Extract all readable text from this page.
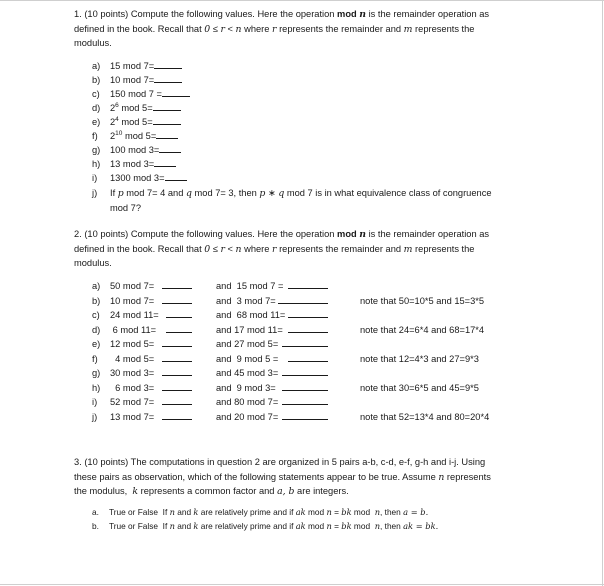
1. (10 points) Compute the following values. Here the operation mod n is the remainder operation as
defined in the book. Recall that 0 ≤ r < n where r represents the remainder and m represents the
modulus.
a)	15 mod 7=
b)	10 mod 7=
c)	150 mod 7 =
d)	$2^6$ mod 5=
e)	$2^4$ mod 5=
f)	$2^{10}$ mod 5=
g)	100 mod 3=
h)	13 mod 3=
i)	1300 mod 3=
j)	If p mod 7= 4 and q mod 7= 3, then p ∗ q mod 7 is in what equivalence class of congruence
mod 7?
2. (10 points) Compute the following values. Here the operation mod n is the remainder operation as
defined in the book. Recall that 0 ≤ r < n where r represents the remainder and m represents the
modulus.
a) 50 mod 7=	and  15 mod 7 =
b) 10 mod 7=	and  3 mod 7=	note that 50=10*5 and 15=3*5
c) 24 mod 11=	and  68 mod 11=
d) 6 mod 11=	and 17 mod 11=	note that 24=6*4 and 68=17*4
e) 12 mod 5=	and 27 mod 5=
f) 4 mod 5=	and  9 mod 5 =	note that 12=4*3 and 27=9*3
g) 30 mod 3=	and 45 mod 3=
h) 6 mod 3=	and  9 mod 3=	note that 30=6*5 and 45=9*5
i) 52 mod 7=	and 80 mod 7=
j) 13 mod 7=	and 20 mod 7=	note that 52=13*4 and 80=20*4
3. (10 points) The computations in question 2 are organized in 5 pairs a-b, c-d, e-f, g-h and i-j. Using
these pairs as observation, which of the following statements appear to be true. Assume n represents
the modulus,  k represents a common factor and a, b are integers.
a. True or False  If n and k are relatively prime and if ak mod n = bk mod  n, then a = b.
b. True or False  If n and k are relatively prime and if ak mod n = bk mod  n, then ak = bk.
